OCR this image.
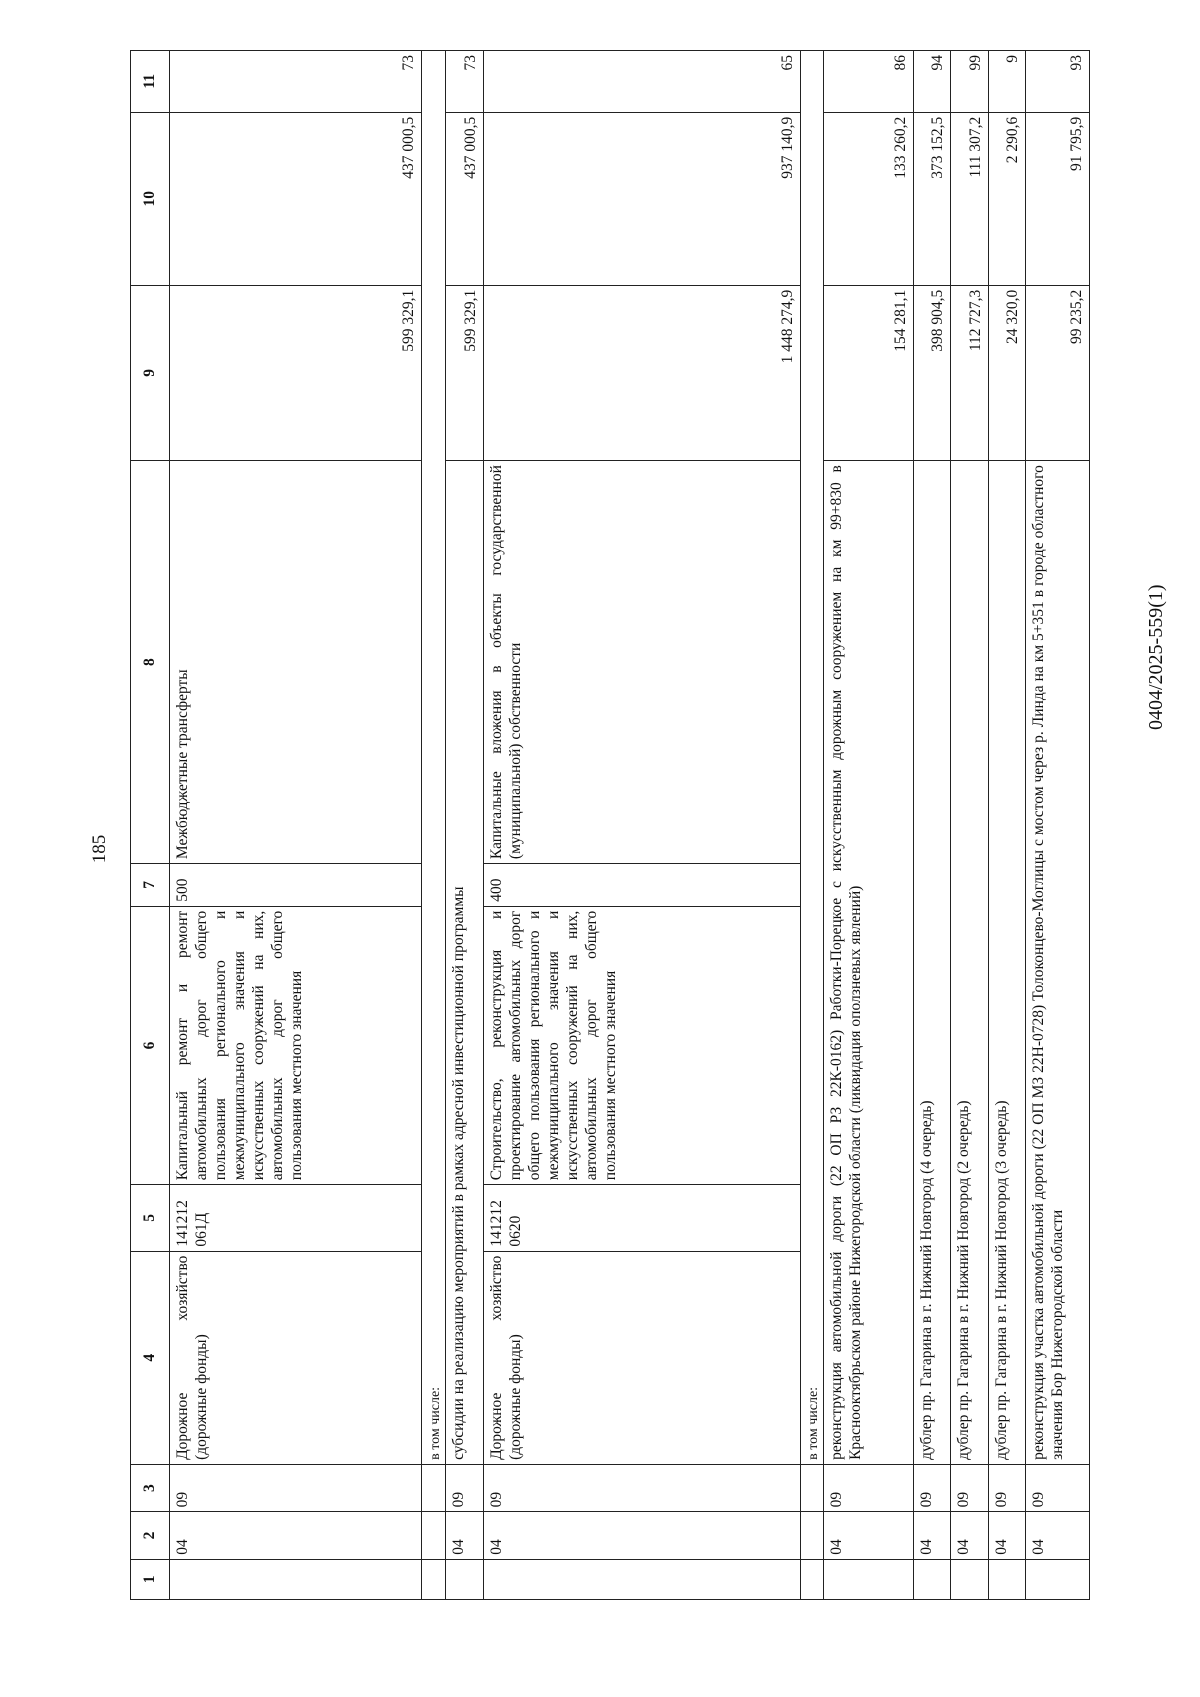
185
0404/2025-559(1)
1	2	3	4	5	6	7	8	9	10	11
	04	09	Дорожное хозяйство (дорожные фонды)	141212 061Д	Капитальный ремонт и ремонт автомобильных дорог общего пользования регионального и межмуниципального значения и искусственных сооружений на них, автомобильных дорог общего пользования местного значения	500	Межбюджетные трансферты	599 329,1	437 000,5	73
			в том числе:							
	04	09	субсидии на реализацию мероприятий в рамках адресной инвестиционной программы					599 329,1	437 000,5	73
	04	09	Дорожное хозяйство (дорожные фонды)	141212 0620	Строительство, реконструкция и проектирование автомобильных дорог общего пользования регионального и межмуниципального значения и искусственных сооружений на них, автомобильных дорог общего пользования местного значения	400	Капитальные вложения в объекты государственной (муниципальной) собственности	1 448 274,9	937 140,9	65
			в том числе:							
	04	09	реконструкция автомобильной дороги (22 ОП РЗ 22К-0162) Работки-Порецкое с искусственным дорожным сооружением на км 99+830 в Краснооктябрьском районе Нижегородской области (ликвидация оползневых явлений)					154 281,1	133 260,2	86
	04	09	дублер пр. Гагарина в г. Нижний Новгород (4 очередь)					398 904,5	373 152,5	94
	04	09	дублер пр. Гагарина в г. Нижний Новгород (2 очередь)					112 727,3	111 307,2	99
	04	09	дублер пр. Гагарина в г. Нижний Новгород (3 очередь)					24 320,0	2 290,6	9
	04	09	реконструкция участка автомобильной дороги (22 ОП МЗ 22Н-0728) Толоконцево-Моглицы с мостом через р. Линда на км 5+351 в городе областного значения Бор Нижегородской области					99 235,2	91 795,9	93
